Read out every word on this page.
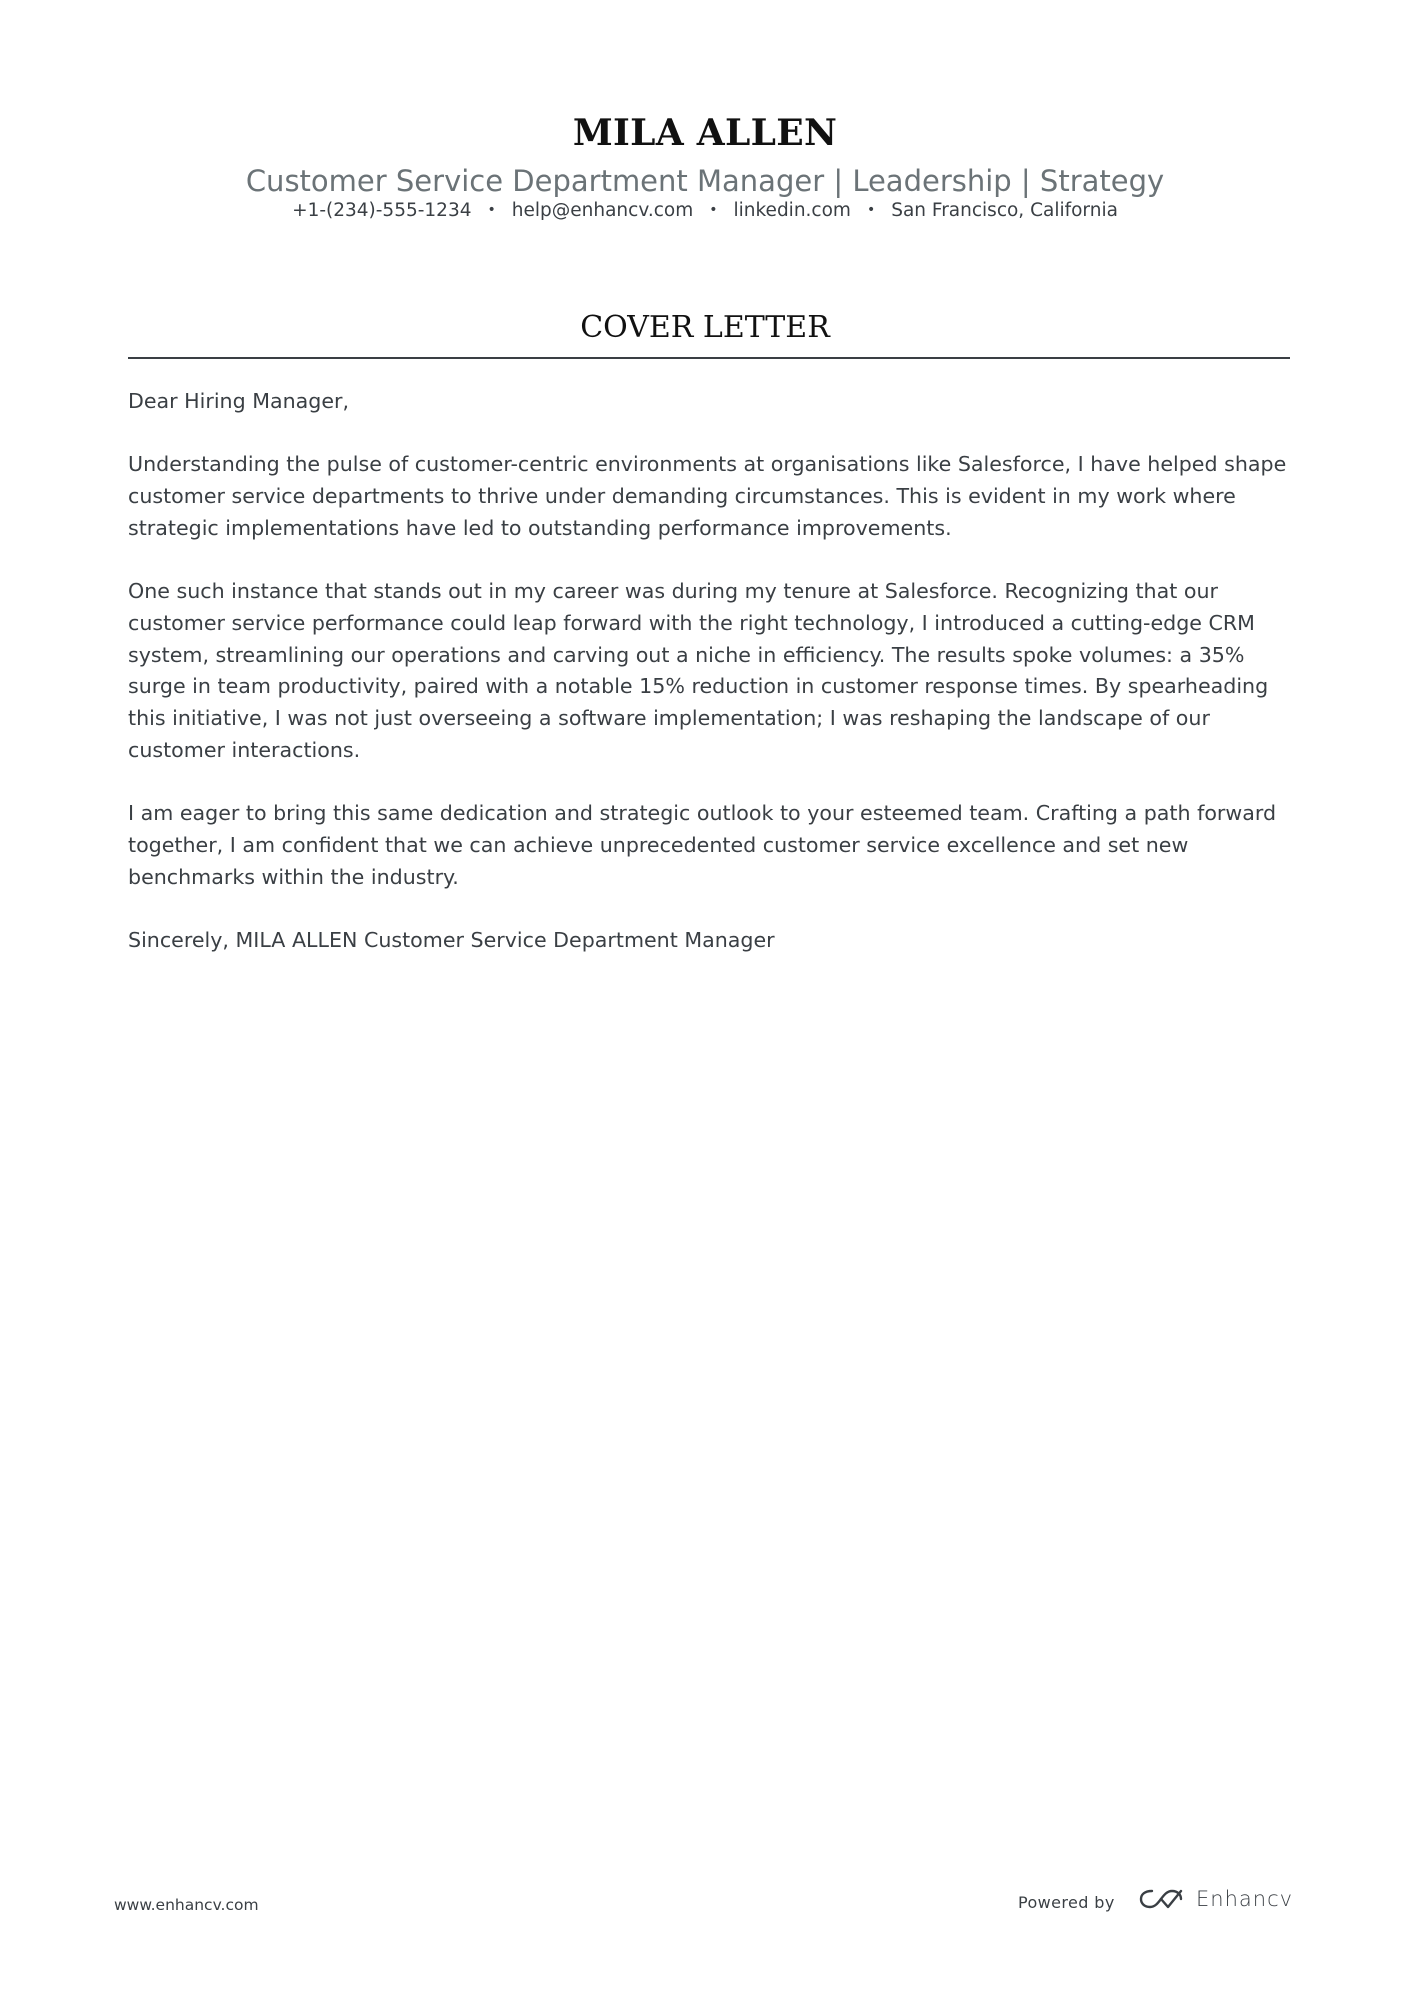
MILA ALLEN
Customer Service Department Manager | Leadership | Strategy
+1-(234)-555-1234 • help@enhancv.com • linkedin.com • San Francisco, California
COVER LETTER

Dear Hiring Manager,

Understanding the pulse of customer-centric environments at organisations like Salesforce, I have helped shape customer service departments to thrive under demanding circumstances. This is evident in my work where strategic implementations have led to outstanding performance improvements.

One such instance that stands out in my career was during my tenure at Salesforce. Recognizing that our customer service performance could leap forward with the right technology, I introduced a cutting-edge CRM system, streamlining our operations and carving out a niche in efficiency. The results spoke volumes: a 35% surge in team productivity, paired with a notable 15% reduction in customer response times. By spearheading this initiative, I was not just overseeing a software implementation; I was reshaping the landscape of our customer interactions.

I am eager to bring this same dedication and strategic outlook to your esteemed team. Crafting a path forward together, I am confident that we can achieve unprecedented customer service excellence and set new benchmarks within the industry.

Sincerely, MILA ALLEN Customer Service Department Manager

www.enhancv.com	Powered by	Enhancv
